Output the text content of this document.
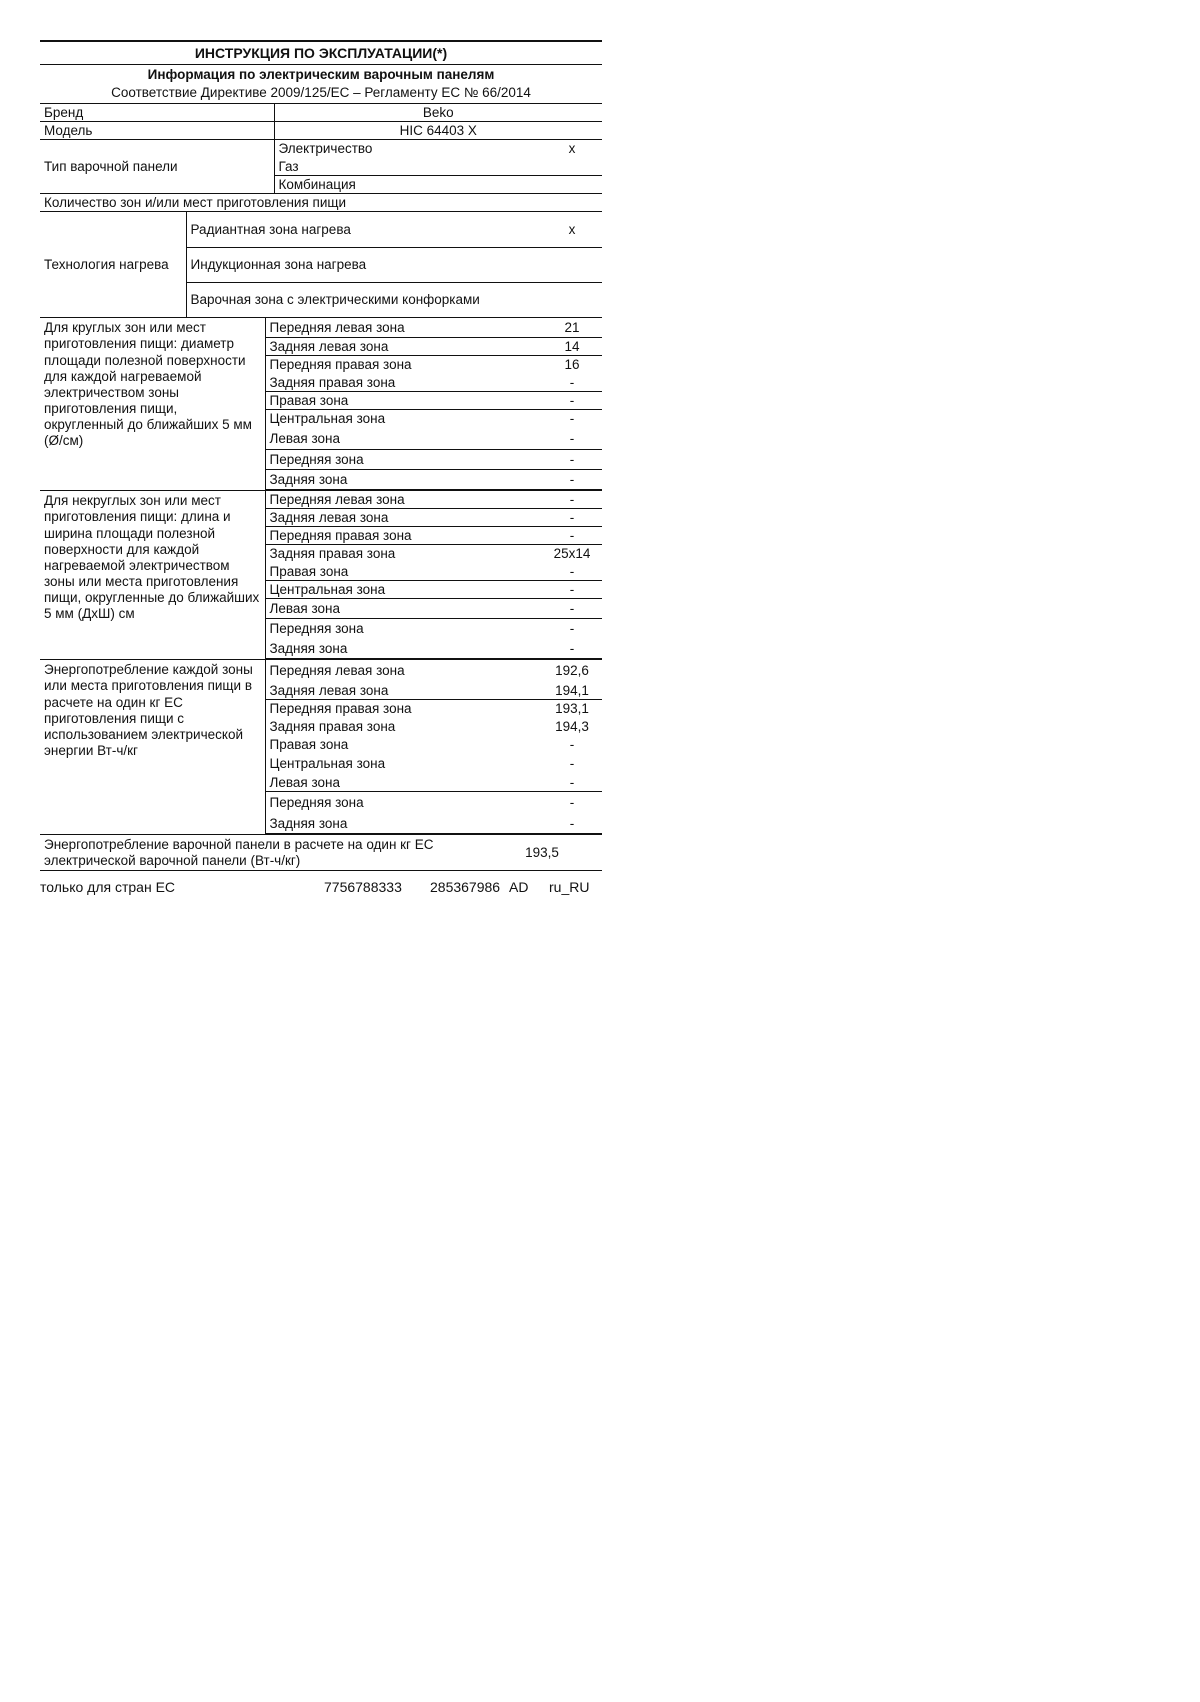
ИНСТРУКЦИЯ ПО ЭКСПЛУАТАЦИИ(*)
Информация по электрическим варочным панелям
Соответствие Директиве 2009/125/EC – Регламенту EC № 66/2014
Бренд	Beko	
Модель	HIC 64403 X	
Тип варочной панели	Электричество	x
	Газ	
	Комбинация	
Количество зон и/или мест приготовления пищи		
Технология нагрева	Радиантная зона нагрева	x
	Индукционная зона нагрева	
	Варочная зона с электрическими конфорками	
Для круглых зон или мест приготовления пищи: диаметр площади полезной поверхности для каждой нагреваемой электричеством зоны приготовления пищи, округленный до ближайших 5 мм (Ø/см)	Передняя левая зона	21
	Задняя левая зона	14
	Передняя правая зона	16
	Задняя правая зона	-
	Правая зона	-
	Центральная зона	-
	Левая зона	-
	Передняя зона	-
	Задняя зона	-
Для некруглых зон или мест приготовления пищи: длина и ширина площади полезной поверхности для каждой нагреваемой электричеством зоны или места приготовления пищи, округленные до ближайших 5 мм (ДхШ) см	Передняя левая зона	-
	Задняя левая зона	-
	Передняя правая зона	-
	Задняя правая зона	25x14
	Правая зона	-
	Центральная зона	-
	Левая зона	-
	Передняя зона	-
	Задняя зона	-
Энергопотребление каждой зоны или места приготовления пищи в расчете на один кг ЕС приготовления пищи с использованием электрической энергии Вт-ч/кг	Передняя левая зона	192,6
	Задняя левая зона	194,1
	Передняя правая зона	193,1
	Задняя правая зона	194,3
	Правая зона	-
	Центральная зона	-
	Левая зона	-
	Передняя зона	-
	Задняя зона	-
Энергопотребление варочной панели в расчете на один кг ЕС электрической варочной панели (Вт-ч/кг)	193,5
только для стран ЕС	7756788333 285367986 AD ru_RU
